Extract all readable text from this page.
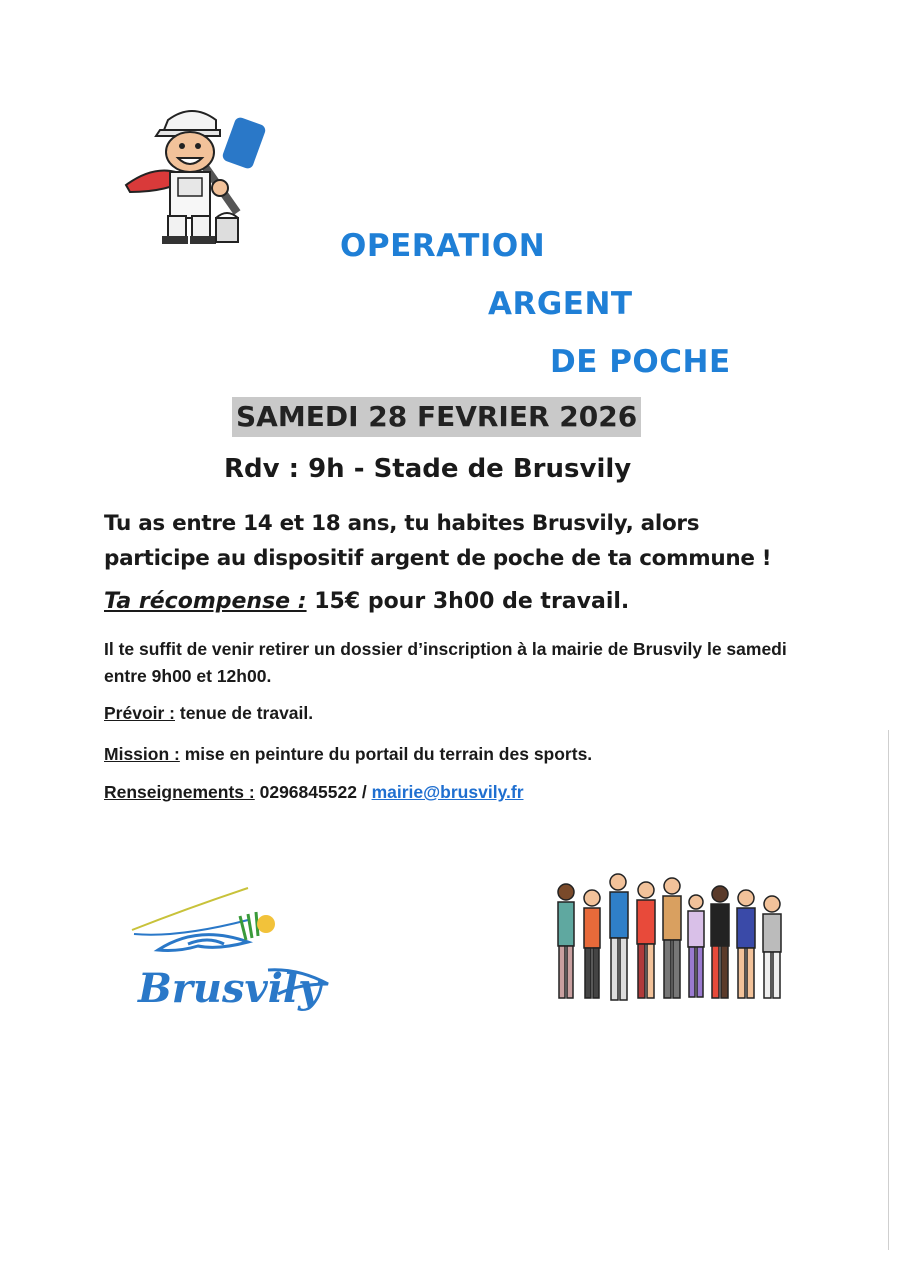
OPERATION
ARGENT
DE POCHE
SAMEDI 28 FEVRIER 2026
Rdv : 9h - Stade de Brusvily
Tu as entre 14 et 18 ans, tu habites Brusvily, alors participe au dispositif argent de poche de ta commune !
Ta récompense : 15€ pour 3h00 de travail.
Il te suffit de venir retirer un dossier d’inscription à la mairie de Brusvily le samedi entre 9h00 et 12h00.
Prévoir : tenue de travail.
Mission : mise en peinture du portail du terrain des sports.
Renseignements : 0296845522 / mairie@brusvily.fr
Brusvily
